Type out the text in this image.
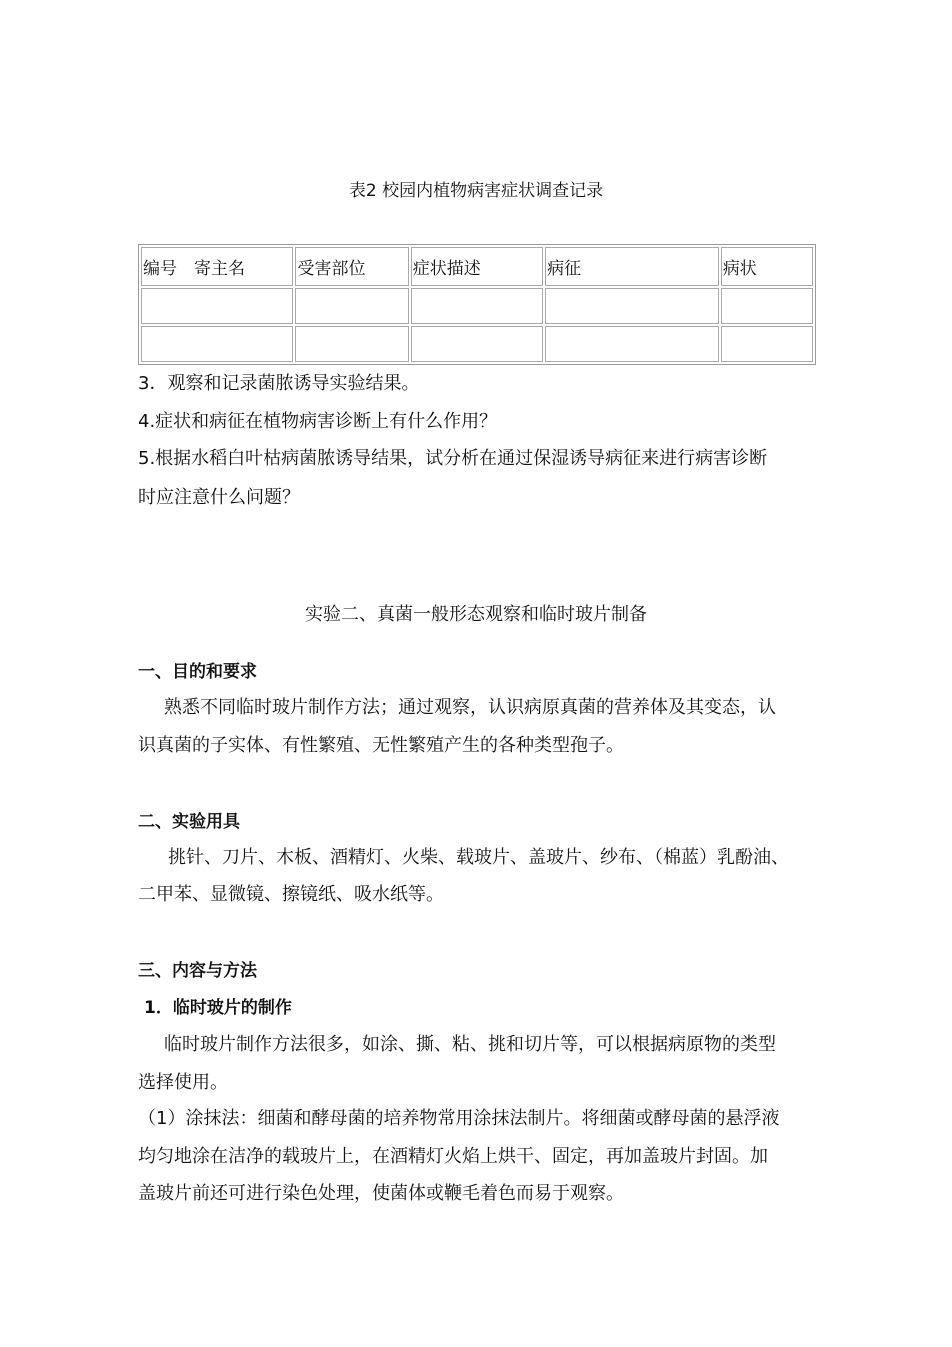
表2 校园内植物病害症状调查记录
编号　寄主名	受害部位	症状描述	病征	病状

3．观察和记录菌脓诱导实验结果。
4.症状和病征在植物病害诊断上有什么作用？
5.根据水稻白叶枯病菌脓诱导结果，试分析在通过保湿诱导病征来进行病害诊断
时应注意什么问题？
实验二、真菌一般形态观察和临时玻片制备
一、目的和要求
熟悉不同临时玻片制作方法；通过观察，认识病原真菌的营养体及其变态，认
识真菌的子实体、有性繁殖、无性繁殖产生的各种类型孢子。
二、实验用具
挑针、刀片、木板、酒精灯、火柴、载玻片、盖玻片、纱布、（棉蓝）乳酚油、
二甲苯、显微镜、擦镜纸、吸水纸等。
三、内容与方法
1．临时玻片的制作
临时玻片制作方法很多，如涂、撕、粘、挑和切片等，可以根据病原物的类型
选择使用。
（1）涂抹法：细菌和酵母菌的培养物常用涂抹法制片。将细菌或酵母菌的悬浮液
均匀地涂在洁净的载玻片上，在酒精灯火焰上烘干、固定，再加盖玻片封固。加
盖玻片前还可进行染色处理，使菌体或鞭毛着色而易于观察。
